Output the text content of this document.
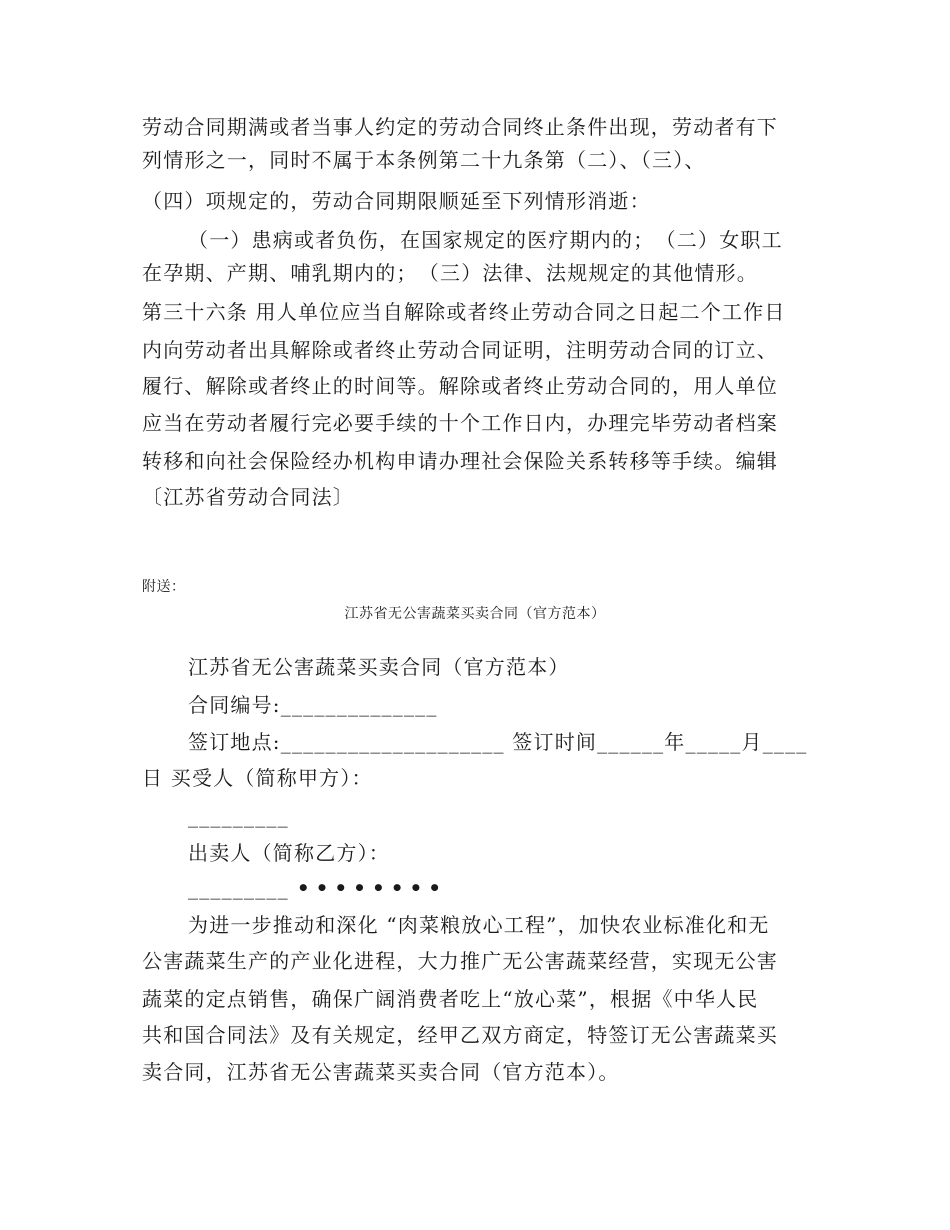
劳动合同期满或者当事人约定的劳动合同终止条件出现，劳动者有下
列情形之一，同时不属于本条例第二十九条第（二）、（三）、
（四）项规定的，劳动合同期限顺延至下列情形消逝：
（一）患病或者负伤，在国家规定的医疗期内的；　（二）女职工
在孕期、产期、哺乳期内的；　（三）法律、法规规定的其他情形。
第三十六条 用人单位应当自解除或者终止劳动合同之日起二个工作日
内向劳动者出具解除或者终止劳动合同证明，注明劳动合同的订立、
履行、解除或者终止的时间等。解除或者终止劳动合同的，用人单位
应当在劳动者履行完必要手续的十个工作日内，办理完毕劳动者档案
转移和向社会保险经办机构申请办理社会保险关系转移等手续。编辑
〔江苏省劳动合同法〕
附送：
江苏省无公害蔬菜买卖合同（官方范本）
江苏省无公害蔬菜买卖合同（官方范本）
合同编号:______________
签订地点:____________________ 签订时间______年_____月____
日 买受人（简称甲方）：
_________
出卖人（简称乙方）：
_________ ••••••••
为进一步推动和深化 “肉菜粮放心工程”，加快农业标准化和无
公害蔬菜生产的产业化进程，大力推广无公害蔬菜经营，实现无公害
蔬菜的定点销售，确保广阔消费者吃上“放心菜”，根据《中华人民
共和国合同法》及有关规定，经甲乙双方商定，特签订无公害蔬菜买
卖合同，江苏省无公害蔬菜买卖合同（官方范本）。
